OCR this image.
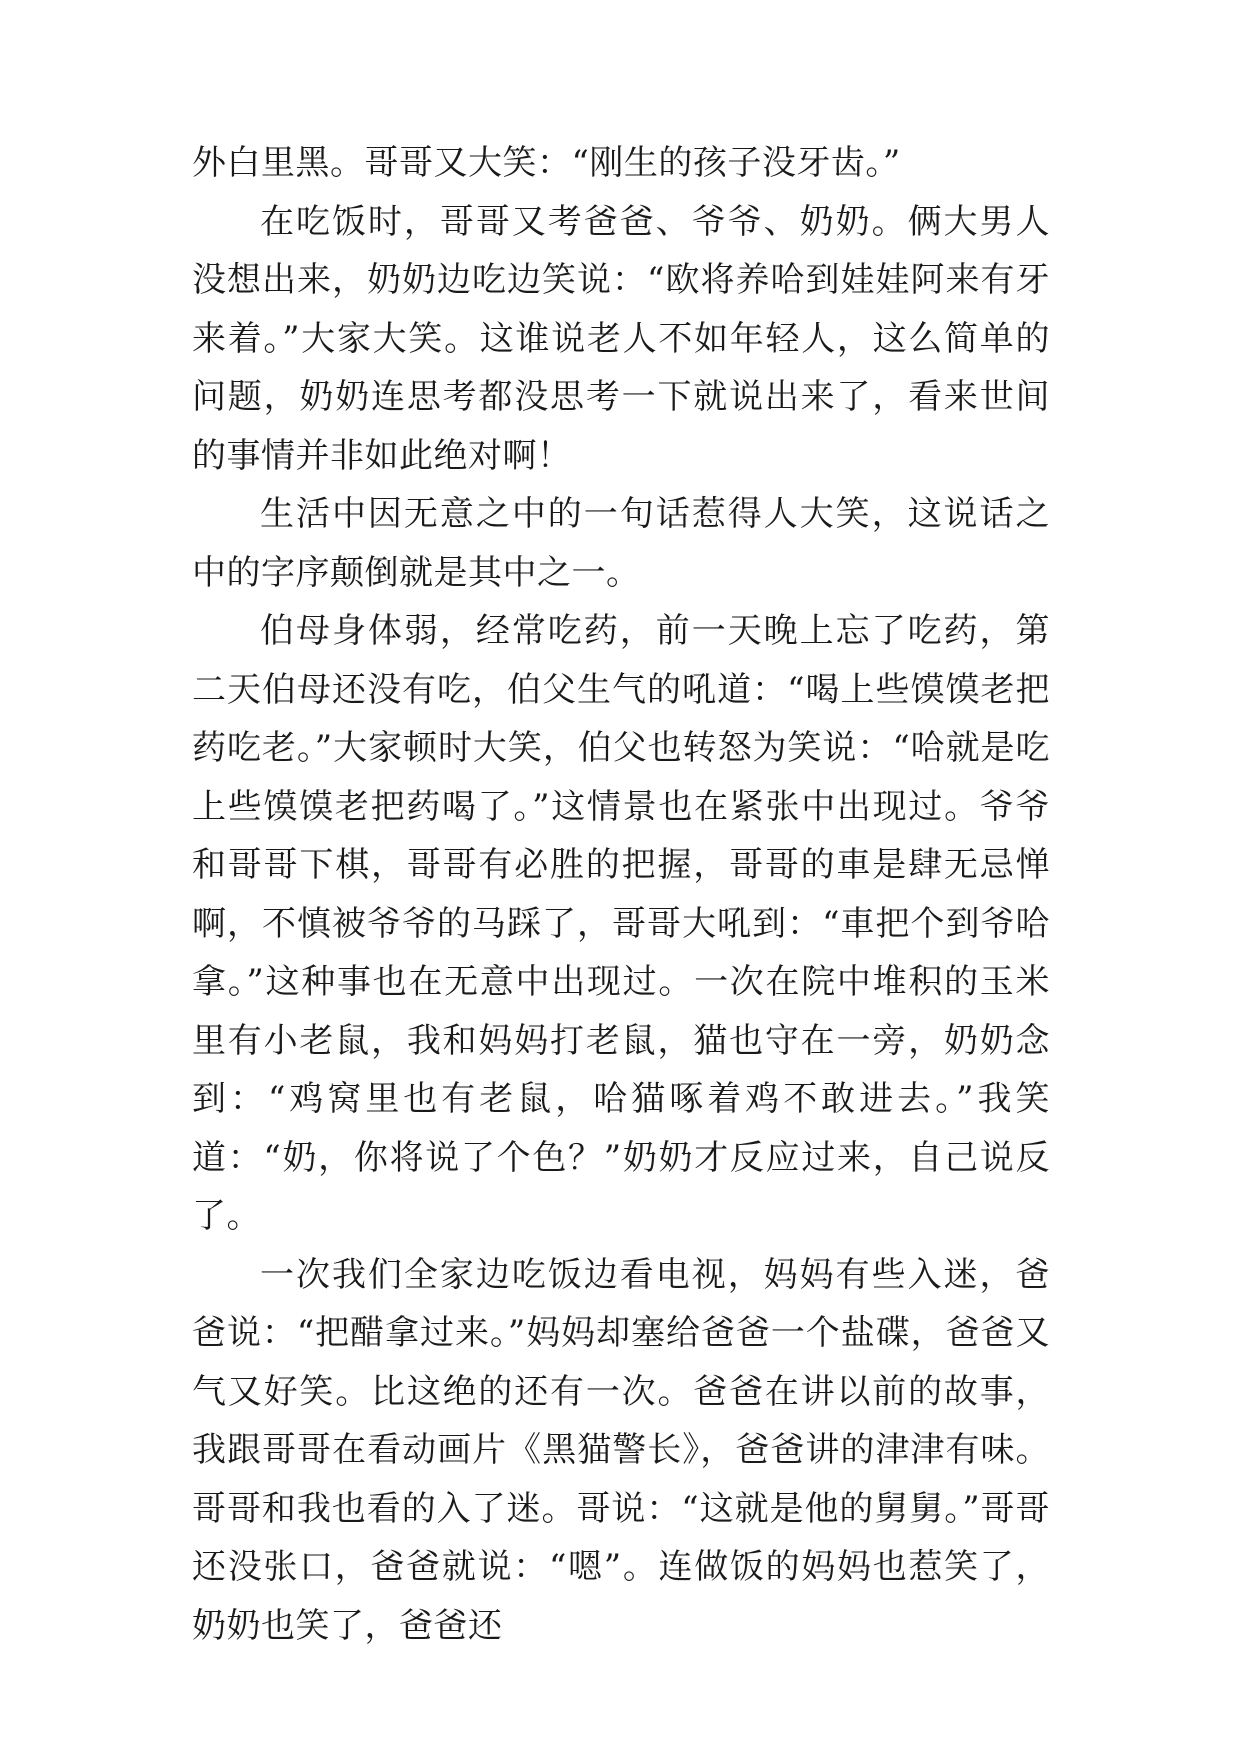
外白里黑。哥哥又大笑：“刚生的孩子没牙齿。”

在吃饭时，哥哥又考爸爸、爷爷、奶奶。俩大男人没想出来，奶奶边吃边笑说：“欧将养哈到娃娃阿来有牙来着。”大家大笑。这谁说老人不如年轻人，这么简单的问题，奶奶连思考都没思考一下就说出来了，看来世间的事情并非如此绝对啊！

生活中因无意之中的一句话惹得人大笑，这说话之中的字序颠倒就是其中之一。

伯母身体弱，经常吃药，前一天晚上忘了吃药，第二天伯母还没有吃，伯父生气的吼道：“喝上些馍馍老把药吃老。”大家顿时大笑，伯父也转怒为笑说：“哈就是吃上些馍馍老把药喝了。”这情景也在紧张中出现过。爷爷和哥哥下棋，哥哥有必胜的把握，哥哥的車是肆无忌惮啊，不慎被爷爷的马踩了，哥哥大吼到：“車把个到爷哈拿。”这种事也在无意中出现过。一次在院中堆积的玉米里有小老鼠，我和妈妈打老鼠，猫也守在一旁，奶奶念到：“鸡窝里也有老鼠，哈猫啄着鸡不敢进去。”我笑道：“奶，你将说了个色？”奶奶才反应过来，自己说反了。

一次我们全家边吃饭边看电视，妈妈有些入迷，爸爸说：“把醋拿过来。”妈妈却塞给爸爸一个盐碟，爸爸又气又好笑。比这绝的还有一次。爸爸在讲以前的故事，我跟哥哥在看动画片《黑猫警长》，爸爸讲的津津有味。哥哥和我也看的入了迷。哥说：“这就是他的舅舅。”哥哥还没张口，爸爸就说：“嗯”。连做饭的妈妈也惹笑了，奶奶也笑了，爸爸还
